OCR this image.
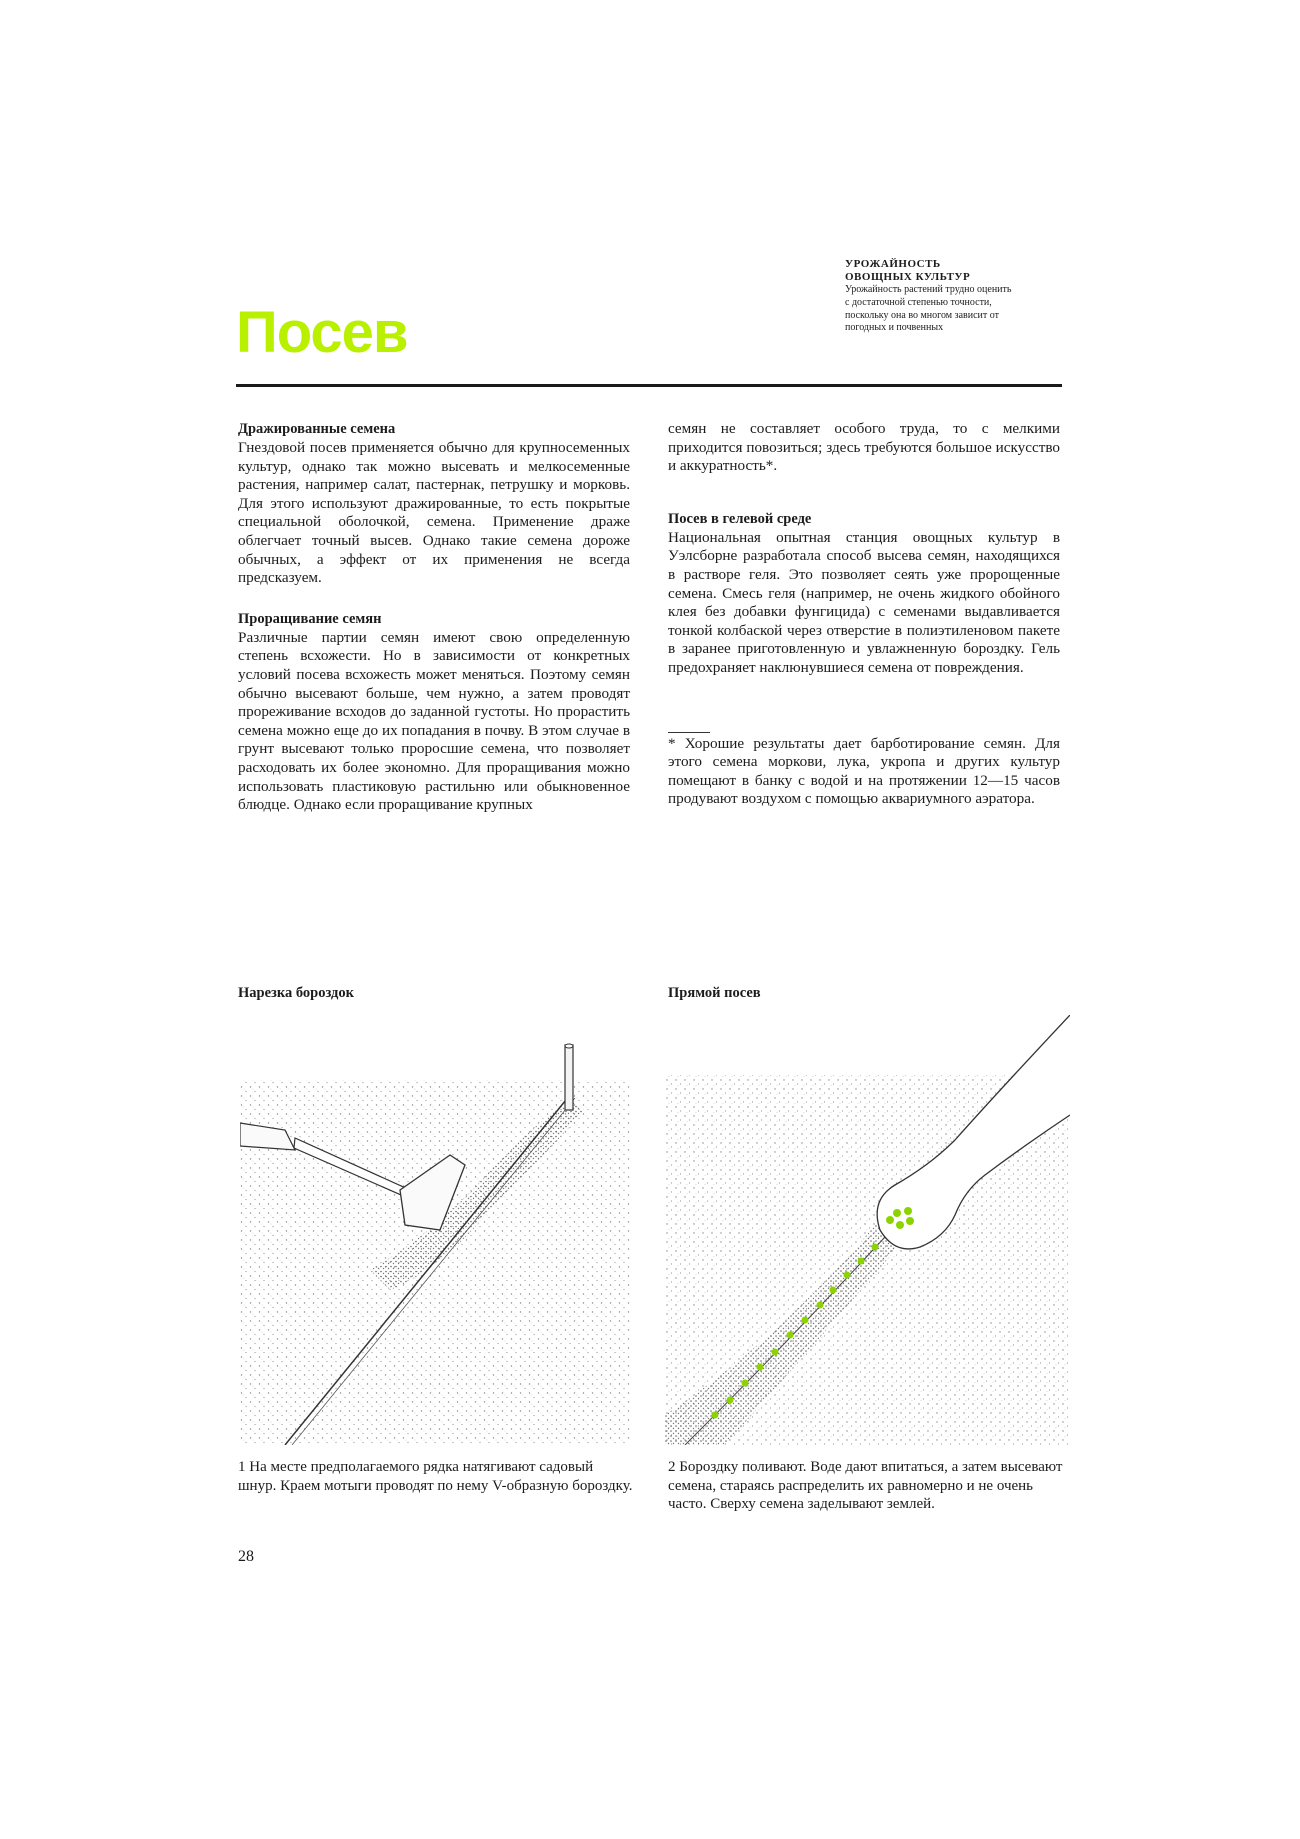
Посев
УРОЖАЙНОСТЬ
ОВОЩНЫХ КУЛЬТУР
Урожайность растений трудно оценить с достаточной степенью точности, поскольку она во многом зависит от погодных и почвенных
Дражированные семена

Гнездовой посев применяется обычно для крупносеменных культур, однако так можно высевать и мелкосеменные растения, например салат, пастернак, петрушку и морковь. Для этого используют дражированные, то есть покрытые специальной оболочкой, семена. Применение драже облегчает точный высев. Однако такие семена дороже обычных, а эффект от их применения не всегда предсказуем.

Проращивание семян

Различные партии семян имеют свою определенную степень всхожести. Но в зависимости от конкретных условий посева всхожесть может меняться. Поэтому семян обычно высевают больше, чем нужно, а затем проводят прореживание всходов до заданной густоты. Но прорастить семена можно еще до их попадания в почву. В этом случае в грунт высевают только проросшие семена, что позволяет расходовать их более экономно. Для проращивания можно использовать пластиковую растильню или обыкновенное блюдце. Однако если проращивание крупных

семян не составляет особого труда, то с мелкими приходится повозиться; здесь требуются большое искусство и аккуратность*.

Посев в гелевой среде

Национальная опытная станция овощных культур в Уэлсборне разработала способ высева семян, находящихся в растворе геля. Это позволяет сеять уже пророщенные семена. Смесь геля (например, не очень жидкого обойного клея без добавки фунгицида) с семенами выдавливается тонкой колбаской через отверстие в полиэтиленовом пакете в заранее приготовленную и увлажненную бороздку. Гель предохраняет наклюнувшиеся семена от повреждения.

* Хорошие результаты дает барботирование семян. Для этого семена моркови, лука, укропа и других культур помещают в банку с водой и на протяжении 12—15 часов продувают воздухом с помощью аквариумного аэратора.

Нарезка бороздок	Прямой посев
1 На месте предполагаемого рядка натягивают садовый шнур. Краем мотыги проводят по нему V-образную бороздку.
2 Бороздку поливают. Воде дают впитаться, а затем высевают семена, стараясь распределить их равномерно и не очень часто. Сверху семена заделывают землей.
28
